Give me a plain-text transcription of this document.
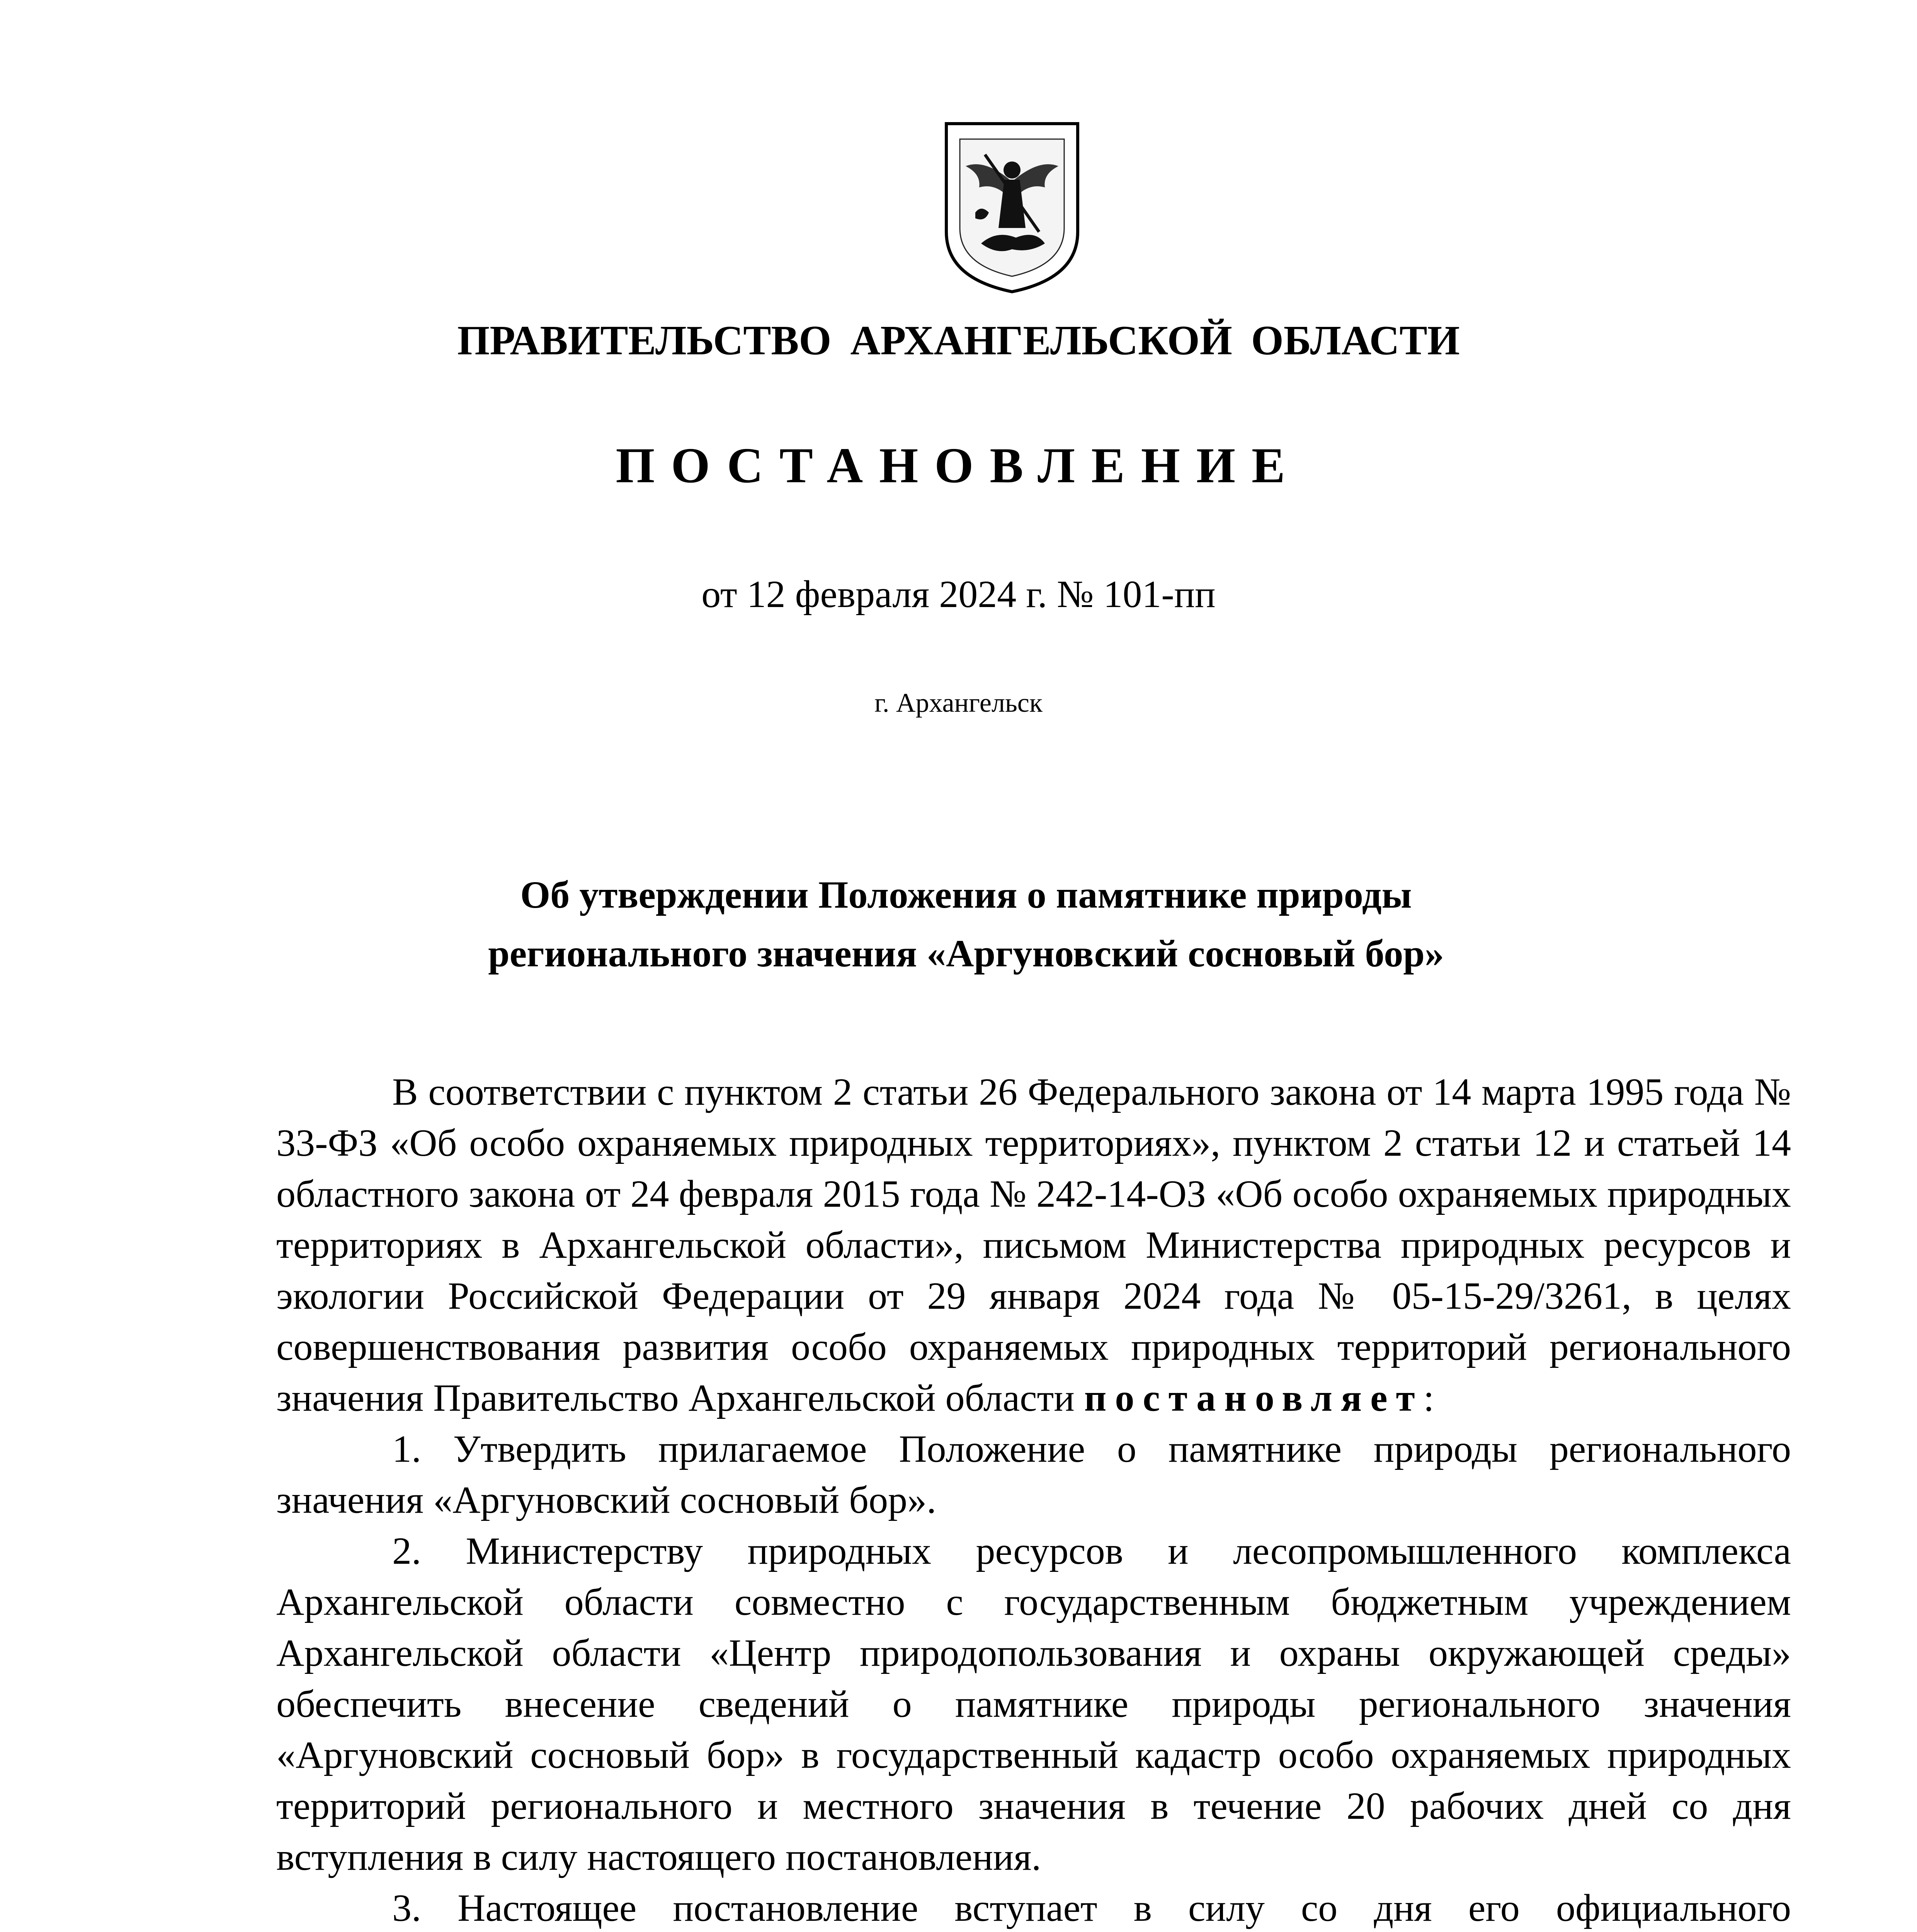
ПРАВИТЕЛЬСТВО АРХАНГЕЛЬСКОЙ ОБЛАСТИ
ПОСТАНОВЛЕНИЕ
от 12 февраля 2024 г. № 101-пп
г. Архангельск
Об утверждении Положения о памятнике природы
регионального значения «Аргуновский сосновый бор»

В соответствии с пунктом 2 статьи 26 Федерального закона от 14 марта 1995 года № 33-ФЗ «Об особо охраняемых природных территориях», пунктом 2 статьи 12 и статьей 14 областного закона от 24 февраля 2015 года № 242-14-ОЗ «Об особо охраняемых природных территориях в Архангельской области», письмом Министерства природных ресурсов и экологии Российской Федерации от 29 января 2024 года № 05-15-29/3261, в целях совершенствования развития особо охраняемых природных территорий регионального значения Правительство Архангельской области постановляет:

1. Утвердить прилагаемое Положение о памятнике природы регионального значения «Аргуновский сосновый бор».

2. Министерству природных ресурсов и лесопромышленного комплекса Архангельской области совместно с государственным бюджетным учреждением Архангельской области «Центр природопользования и охраны окружающей среды» обеспечить внесение сведений о памятнике природы регионального значения «Аргуновский сосновый бор» в государственный кадастр особо охраняемых природных территорий регионального и местного значения в течение 20 рабочих дней со дня вступления в силу настоящего постановления.

3. Настоящее постановление вступает в силу со дня его официального
